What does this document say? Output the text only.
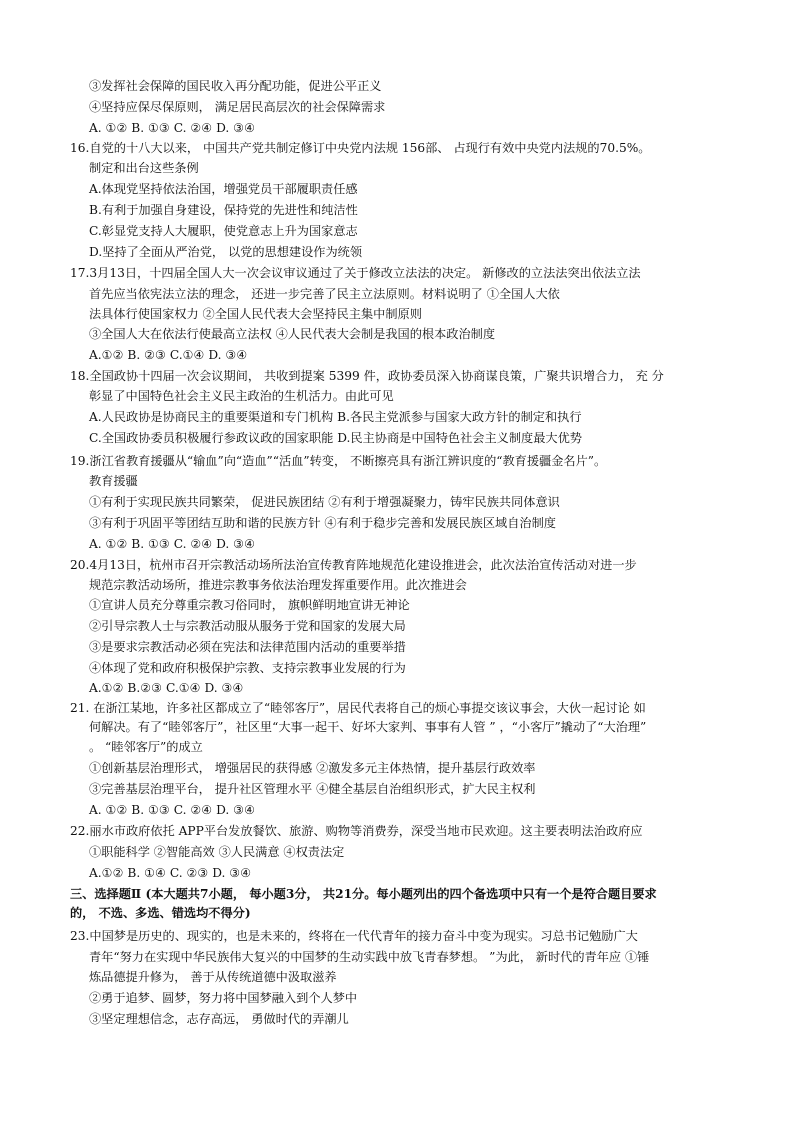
③发挥社会保障的国民收入再分配功能，促进公平正义
④坚持应保尽保原则， 满足居民高层次的社会保障需求
A. ①② B. ①③ C. ②④ D. ③④
16.自党的十八大以来， 中国共产党共制定修订中央党内法规 156部、 占现行有效中央党内法规的70.5%。
制定和出台这些条例
A.体现党坚持依法治国，增强党员干部履职责任感
B.有利于加强自身建设，保持党的先进性和纯洁性
C.彰显党支持人大履职，使党意志上升为国家意志
D.坚持了全面从严治党， 以党的思想建设作为统领
17.3月13日，十四届全国人大一次会议审议通过了关于修改立法法的决定。 新修改的立法法突出依法立法
首先应当依宪法立法的理念， 还进一步完善了民主立法原则。材料说明了 ①全国人大依
法具体行使国家权力 ②全国人民代表大会坚持民主集中制原则
③全国人大在依法行使最高立法权 ④人民代表大会制是我国的根本政治制度
A.①② B. ②③ C.①④ D. ③④
18.全国政协十四届一次会议期间， 共收到提案 5399 件，政协委员深入协商谋良策，广聚共识增合力， 充 分
彰显了中国特色社会主义民主政治的生机活力。由此可见
A.人民政协是协商民主的重要渠道和专门机构 B.各民主党派参与国家大政方针的制定和执行
C.全国政协委员积极履行参政议政的国家职能 D.民主协商是中国特色社会主义制度最大优势
19.浙江省教育援疆从“输血”向“造血”“活血”转变， 不断擦亮具有浙江辨识度的“教育援疆金名片”。
教育援疆
①有利于实现民族共同繁荣， 促进民族团结 ②有利于增强凝聚力，铸牢民族共同体意识
③有利于巩固平等团结互助和谐的民族方针 ④有利于稳步完善和发展民族区域自治制度
A. ①② B. ①③ C. ②④ D. ③④
20.4月13日，杭州市召开宗教活动场所法治宣传教育阵地规范化建设推进会，此次法治宣传活动对进一步
规范宗教活动场所，推进宗教事务依法治理发挥重要作用。此次推进会
①宣讲人员充分尊重宗教习俗同时， 旗帜鲜明地宣讲无神论
②引导宗教人士与宗教活动服从服务于党和国家的发展大局
③是要求宗教活动必须在宪法和法律范围内活动的重要举措
④体现了党和政府积极保护宗教、支持宗教事业发展的行为
A.①② B.②③ C.①④ D. ③④
21. 在浙江某地，许多社区都成立了“睦邻客厅”，居民代表将自己的烦心事提交该议事会，大伙一起讨论 如
何解决。有了“睦邻客厅”，社区里“大事一起干、好坏大家判、事事有人管 ” ，“小客厅”撬动了“大治理”
。 “睦邻客厅”的成立
①创新基层治理形式， 增强居民的获得感 ②激发多元主体热情，提升基层行政效率
③完善基层治理平台， 提升社区管理水平 ④健全基层自治组织形式，扩大民主权利
A. ①② B. ①③ C. ②④ D. ③④
22.丽水市政府依托 APP平台发放餐饮、旅游、购物等消费券，深受当地市民欢迎。这主要表明法治政府应
①职能科学 ②智能高效 ③人民满意 ④权责法定
A.①② B. ①④ C. ②③ D. ③④
三、选择题Ⅱ (本大题共7小题， 每小题3分， 共21分。每小题列出的四个备选项中只有一个是符合题目要求
的， 不选、多选、错选均不得分)
23.中国梦是历史的、现实的，也是未来的，终将在一代代青年的接力奋斗中变为现实。习总书记勉励广大
青年“努力在实现中华民族伟大复兴的中国梦的生动实践中放飞青春梦想。 ”为此， 新时代的青年应 ①锤
炼品德提升修为， 善于从传统道德中汲取滋养
②勇于追梦、圆梦，努力将中国梦融入到个人梦中
③坚定理想信念，志存高远， 勇做时代的弄潮儿
